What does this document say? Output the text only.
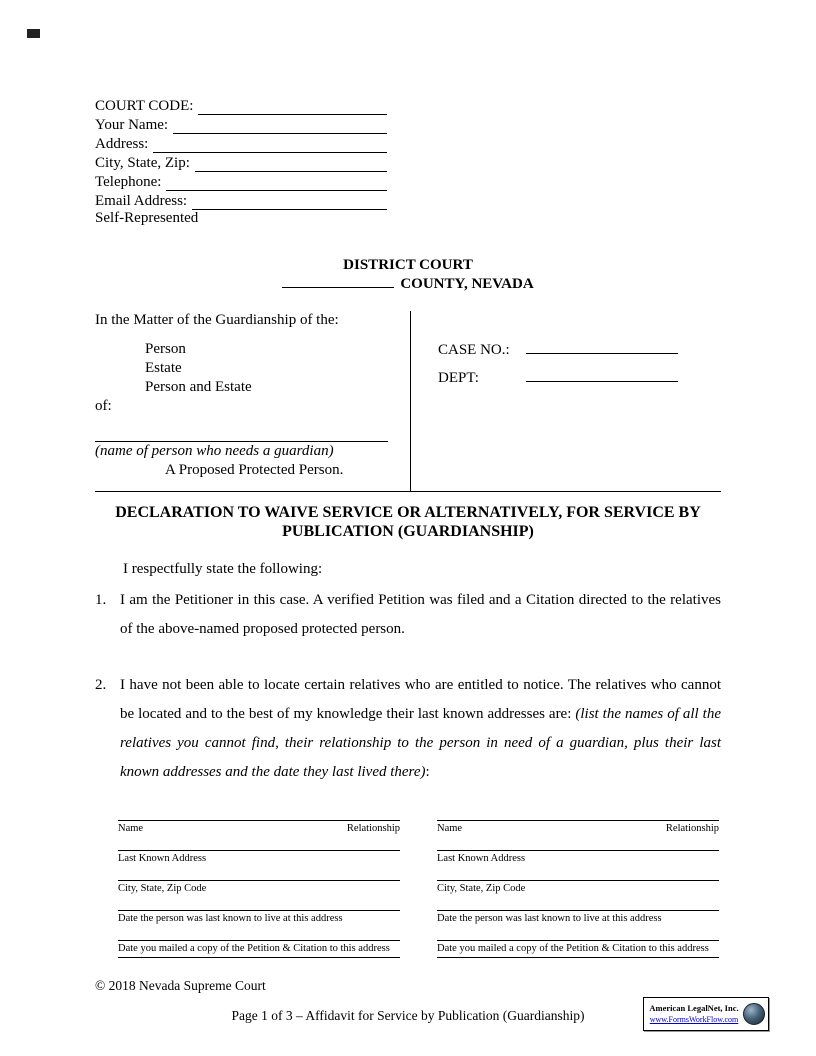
COURT CODE:
Your Name:
Address:
City, State, Zip:
Telephone:
Email Address:
Self-Represented
DISTRICT COURT
COUNTY, NEVADA
In the Matter of the Guardianship of the:
Person
Estate
Person and Estate
of:
(name of person who needs a guardian)
A Proposed Protected Person.
CASE NO.:
DEPT:
DECLARATION TO WAIVE SERVICE OR ALTERNATIVELY, FOR SERVICE BY PUBLICATION (GUARDIANSHIP)
I respectfully state the following:
1. I am the Petitioner in this case. A verified Petition was filed and a Citation directed to the relatives of the above-named proposed protected person.
2. I have not been able to locate certain relatives who are entitled to notice. The relatives who cannot be located and to the best of my knowledge their last known addresses are: (list the names of all the relatives you cannot find, their relationship to the person in need of a guardian, plus their last known addresses and the date they last lived there):
Name	Relationship
Last Known Address
City, State, Zip Code
Date the person was last known to live at this address
Date you mailed a copy of the Petition & Citation to this address
Name	Relationship
Last Known Address
City, State, Zip Code
Date the person was last known to live at this address
Date you mailed a copy of the Petition & Citation to this address
© 2018 Nevada Supreme Court
Page 1 of 3 – Affidavit for Service by Publication (Guardianship)	American LegalNet, Inc.
www.FormsWorkFlow.com
